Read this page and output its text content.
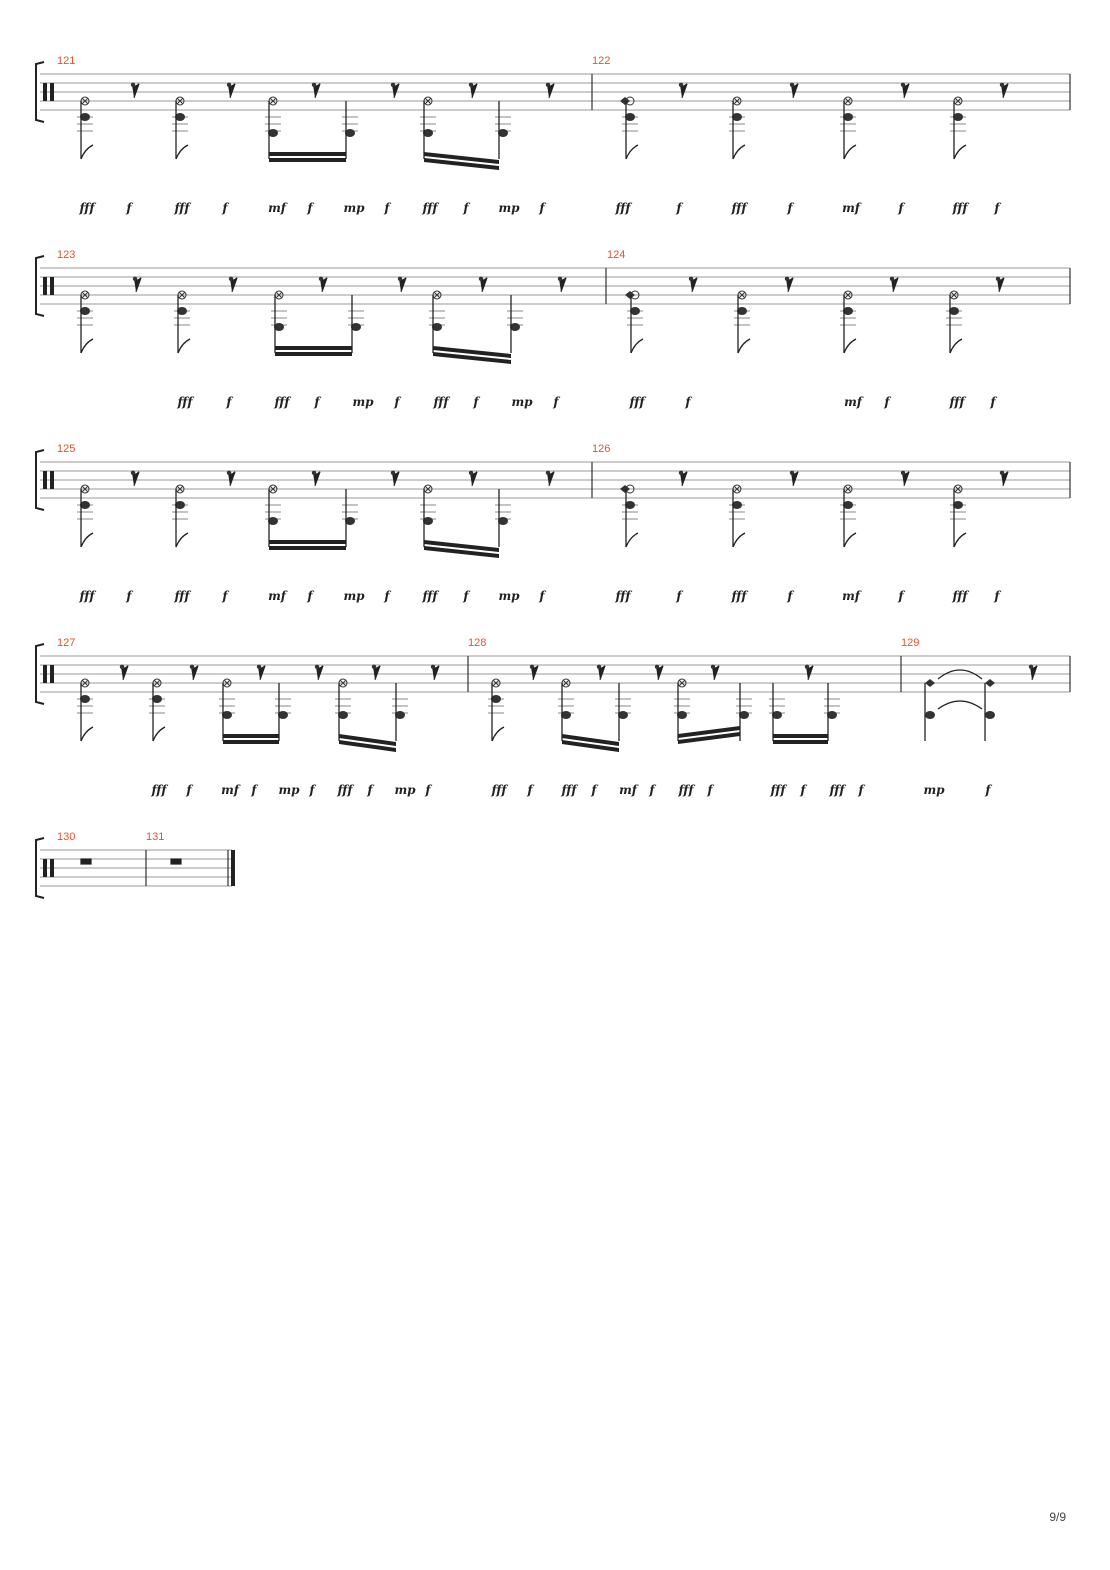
121
fff	f	fff	f	mf f	mp f	fff f mp f
122
fff	f	fff	f	mf	f	fff f
123
fff	f	fff f	mp f	fff f	mp f
124
fff	f	mf f	fff f
125
fff	f	fff	f	mf f	mp f	fff f mp f
126
fff	f	fff	f	mf	f	fff f
127
fff f mf f mp f fff f mp f
128
fff f fff f mf f fff f	fff f fff f
129
mp	f
130	131
9/9
